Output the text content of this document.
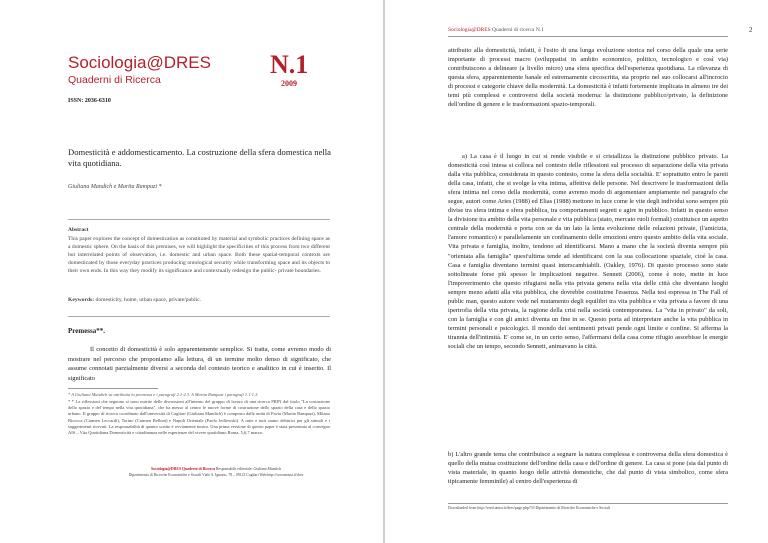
Sociologia@DRES Quaderni di ricerca N.1	2
Sociologia@DRES
Quaderni di Ricerca
N.1
2009
ISSN: 2036-6310
Domesticità e addomesticamento. La costruzione della sfera domestica nella vita quotidiana.
Giuliana Mandich e Marita Rampazi *
Abstract
This paper explores the concept of domestication as constituted by material and symbolic practices defining space as a domestic sphere. On the basis of this premises, we will highlight the specificities of this process from two different but interrelated points of observation, i.e. domestic and urban space. Both these spatial-temporal contexts are domesticated by those everyday practices producing ontological security while transforming space and its objects to their own ends. In this way they modify its significance and contextually redesign the public- private boundaries.
Keywords: domesticity, home, urban space, private/public.
Premessa**.
Il concetto di domesticità è solo apparentemente semplice. Si tratta, come avremo modo di mostrare nel percorso che proponiamo alla lettura, di un termine molto denso di significato, che assume connotati parzialmente diversi a seconda del contesto teorico e analitico in cui è inserito. Il significato
* A Giuliana Mandich va attribuita la premessa e i paragrafi 2.1-2.3. A Marita Rampazi i paragrafi 1.1-1.3.
* * Le riflessioni che seguono si sono nutrite delle discussioni all'interno del gruppo di lavoro di una ricerca PRIN dal titolo "La costruzione dello spazio e del tempo nella vita quotidiana", che ha messo al centro le nuove forme di costruzione dello spazio della casa e dello spazio urbano. Il gruppo di ricerca coordinato dall'università di Cagliari (Giuliana Mandich) è composto dalle unità di Pavia (Marita Rampazi), Milano Bicocca (Carmen Leccardi), Torino (Carmen Belloni) e Napoli Orientale (Paolo Jedlowski). A tutte e tutti siamo debitrici per gli stimoli e i suggerimenti ricevuti. La responsabilità di quanto scritto è ovviamente nostra. Una prima versione di questo paper è stata presentata al convegno AIS – Vita Quotidiana Domesticità e cittadinanza nelle esperienze del vivere quotidiano Roma, 5,6,7 marzo.
Sociologia@DRES Quaderni di Ricerca Responsabile editoriale: Giuliana Mandich
Dipartimento di Ricerche Economiche e Sociali Viale S. Ignazio, 78 – 09123 Cagliari Web:http://sociomiusi.it/dres
attribuito alla domesticità, infatti, è l'esito di una lunga evoluzione storica nel corso della quale una serie importante di processi macro (sviluppatisi in ambito economico, politico, tecnologico e così via) contribuiscono a delineare (a livello micro) una sfera specifica dell'esperienza quotidiana. La rilevanza di questa sfera, apparentemente banale ed estremamente circoscritta, sta proprio nel suo collocarsi all'incrocio di processi e categorie chiave della modernità. La domesticità è infatti fortemente implicata in almeno tre dei temi più complessi e controversi della società moderna: la distinzione pubblico/privato, la definizione dell'ordine di genere e le trasformazioni spazio-temporali.
a) La casa è il luogo in cui si rende visibile e si cristallizza la distinzione pubblico privato. La domesticità così intesa si colloca nel contesto delle riflessioni sul processo di separazione della vita privata dalla vita pubblica, considerata in questo contesto, come la sfera della socialità. E' soprattutto entro le pareti della casa, infatti, che si svolge la vita intima, affettiva delle persone. Nel descrivere le trasformazioni della sfera intima nel corso della modernità, come avremo modo di argomentare ampiamente nel paragrafo che segue, autori come Aries (1988) ed Elias (1988) mettono in luce come le vite degli individui sono sempre più divise tra sfera intima e sfera pubblica, tra comportamenti segreti e agire in pubblico. Infatti in questo senso la divisione tra ambito della vita personale e vita pubblica (stato, mercato ruoli formali) costituisce un aspetto centrale della modernità e porta con se da un lato la lenta evoluzione delle relazioni private, (l'amicizia, l'amore romantico) e parallelamente un confinamento delle emozioni entro questo ambito della vita sociale. Vita privata e famiglia, inoltre, tendono ad identificarsi. Mano a mano che la società diventa sempre più "orientata alla famiglia" quest'ultima tende ad identificarsi con la sua collocazione spaziale, cioè la casa. Casa e famiglia diventano termini quasi interscambiabili. (Oakley, 1976). Di questo processo sono state sottolineate forse più spesso le implicazioni negative. Sennett (2006), come è noto, mette in luce l'impoverimento che questo rifugiarsi nella vita privata genera nella vita delle città che diventano luoghi sempre meno adatti alla vita pubblica, che dovrebbe costituirne l'essenza. Nella tesi espressa in The Fall of public man, questo autore vede nel mutamento degli equilibri tra vita pubblica e vita privata a favore di una ipertrofia della vita privata, la ragione della crisi nella società contemporanea. La "vita in privato" da soli, con la famiglia e con gli amici diventa un fine in se. Questo porta ad interpretare anche la vita pubblica in termini personali e psicologici. Il mondo dei sentimenti privati pende ogni limite e confine. Si afferma la tirannia dell'intimità. E' come se, in un certo senso, l'affermarsi della casa come rifugio assorbisse le energie sociali che un tempo, secondo Sennett, animavano la città.
b) L'altro grande tema che contribuisce a segnare la natura complessa e controversa della sfera domestica è quello della mutua costituzione dell'ordine della casa e dell'ordine di genere. La casa si pone (sia dal punto di vista materiale, in quanto luogo delle attività domestiche, che dal punto di vista simbolico, come sfera tipicamente femminile) al centro dell'esperienza di
Downloaded from http://seed.unica.it/dres/page.php?33 Dipartimento di Ricerche Economiche e Sociali
